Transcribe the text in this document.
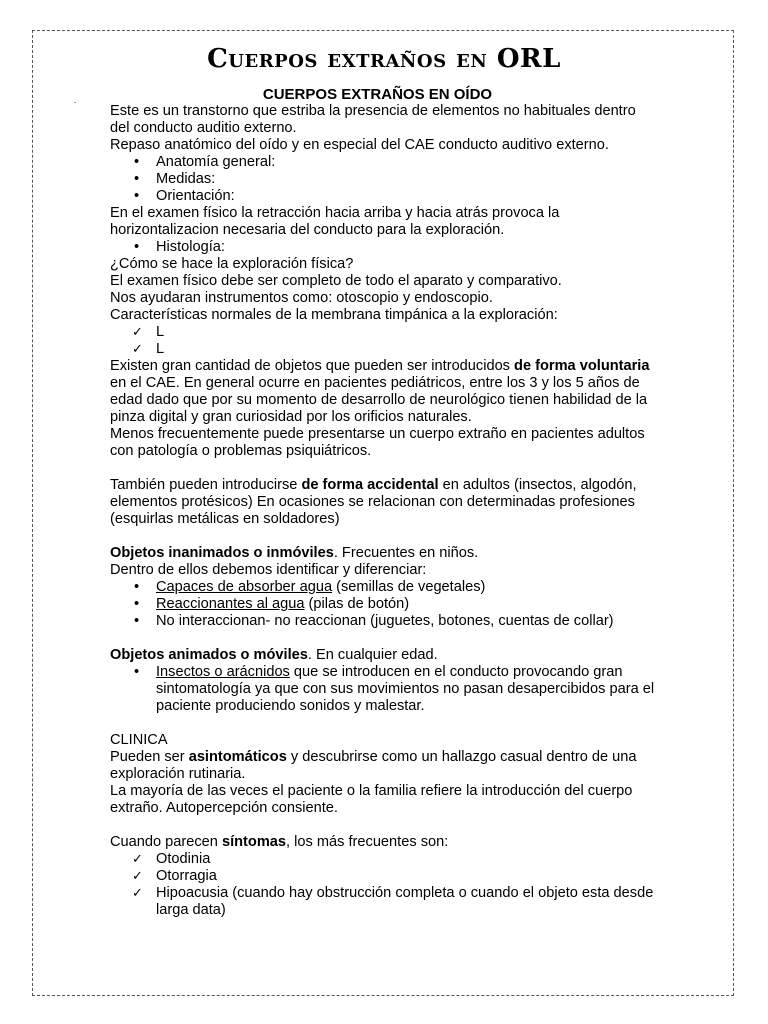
Cuerpos extraños en ORL
.	CUERPOS EXTRAÑOS EN OÍDO

Este es un transtorno que estriba la presencia de elementos no habituales dentro del conducto auditio externo.

Repaso anatómico del oído y en especial del CAE conducto auditivo externo.

• Anatomía general:
• Medidas:
• Orientación:

En el examen físico la retracción hacia arriba y hacia atrás provoca la horizontalizacion necesaria del conducto para la exploración.

• Histología:

¿Cómo se hace la exploración física?

El examen físico debe ser completo de todo el aparato y comparativo.

Nos ayudaran instrumentos como: otoscopio y endoscopio.

Características normales de la membrana timpánica a la exploración:

✓ L
✓ L

Existen gran cantidad de objetos que pueden ser introducidos de forma voluntaria en el CAE. En general ocurre en pacientes pediátricos, entre los 3 y los 5 años de edad dado que por su momento de desarrollo de neurológico tienen habilidad de la pinza digital y gran curiosidad por los orificios naturales.

Menos frecuentemente puede presentarse un cuerpo extraño en pacientes adultos con patología o problemas psiquiátricos.

También pueden introducirse de forma accidental en adultos (insectos, algodón, elementos protésicos) En ocasiones se relacionan con determinadas profesiones (esquirlas metálicas en soldadores)

Objetos inanimados o inmóviles. Frecuentes en niños.

Dentro de ellos debemos identificar y diferenciar:

• Capaces de absorber agua (semillas de vegetales)
• Reaccionantes al agua (pilas de botón)
• No interaccionan- no reaccionan (juguetes, botones, cuentas de collar)

Objetos animados o móviles. En cualquier edad.

• Insectos o arácnidos que se introducen en el conducto provocando gran sintomatología ya que con sus movimientos no pasan desapercibidos para el paciente produciendo sonidos y malestar.

CLINICA

Pueden ser asintomáticos y descubrirse como un hallazgo casual dentro de una exploración rutinaria.

La mayoría de las veces el paciente o la familia refiere la introducción del cuerpo extraño. Autopercepción consiente.

Cuando parecen síntomas, los más frecuentes son:

✓ Otodinia
✓ Otorragia
✓ Hipoacusia (cuando hay obstrucción completa o cuando el objeto esta desde larga data)
